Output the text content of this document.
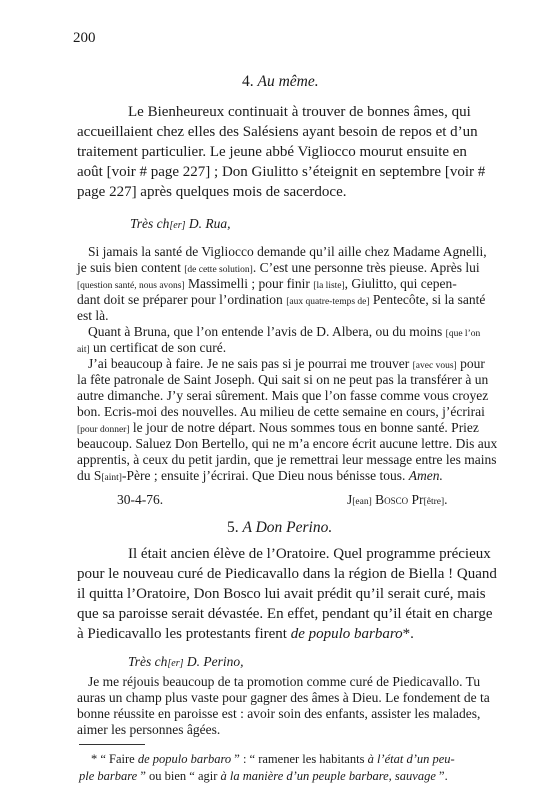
200
4. Au même.
Le Bienheureux continuait à trouver de bonnes âmes, qui
accueillaient chez elles des Salésiens ayant besoin de repos et d’un
traitement particulier. Le jeune abbé Vigliocco mourut ensuite en
août [voir # page 227] ; Don Giulitto s’éteignit en septembre [voir #
page 227] après quelques mois de sacerdoce.
Très ch[er] D. Rua,
Si jamais la santé de Vigliocco demande qu’il aille chez Madame Agnelli,
je suis bien content [de cette solution]. C’est une personne très pieuse. Après lui
[question santé, nous avons] Massimelli ; pour finir [la liste], Giulitto, qui cepen-
dant doit se préparer pour l’ordination [aux quatre-temps de] Pentecôte, si la santé
est là.
Quant à Bruna, que l’on entende l’avis de D. Albera, ou du moins [que l’on
ait] un certificat de son curé.
J’ai beaucoup à faire. Je ne sais pas si je pourrai me trouver [avec vous] pour
la fête patronale de Saint Joseph. Qui sait si on ne peut pas la transférer à un
autre dimanche. J’y serai sûrement. Mais que l’on fasse comme vous croyez
bon. Ecris-moi des nouvelles. Au milieu de cette semaine en cours, j’écrirai
[pour donner] le jour de notre départ. Nous sommes tous en bonne santé. Priez
beaucoup. Saluez Don Bertello, qui ne m’a encore écrit aucune lettre. Dis aux
apprentis, à ceux du petit jardin, que je remettrai leur message entre les mains
du S[aint]-Père ; ensuite j’écrirai. Que Dieu nous bénisse tous. Amen.
30-4-76.	J[ean] Bosco Pr[être].
5. A Don Perino.
Il était ancien élève de l’Oratoire. Quel programme précieux
pour le nouveau curé de Piedicavallo dans la région de Biella ! Quand
il quitta l’Oratoire, Don Bosco lui avait prédit qu’il serait curé, mais
que sa paroisse serait dévastée. En effet, pendant qu’il était en charge
à Piedicavallo les protestants firent de populo barbaro*.
Très ch[er] D. Perino,
Je me réjouis beaucoup de ta promotion comme curé de Piedicavallo. Tu
auras un champ plus vaste pour gagner des âmes à Dieu. Le fondement de ta
bonne réussite en paroisse est : avoir soin des enfants, assister les malades,
aimer les personnes âgées.
* “ Faire de populo barbaro ” : “ ramener les habitants à l’état d’un peu-
ple barbare ” ou bien “ agir à la manière d’un peuple barbare, sauvage ”.
